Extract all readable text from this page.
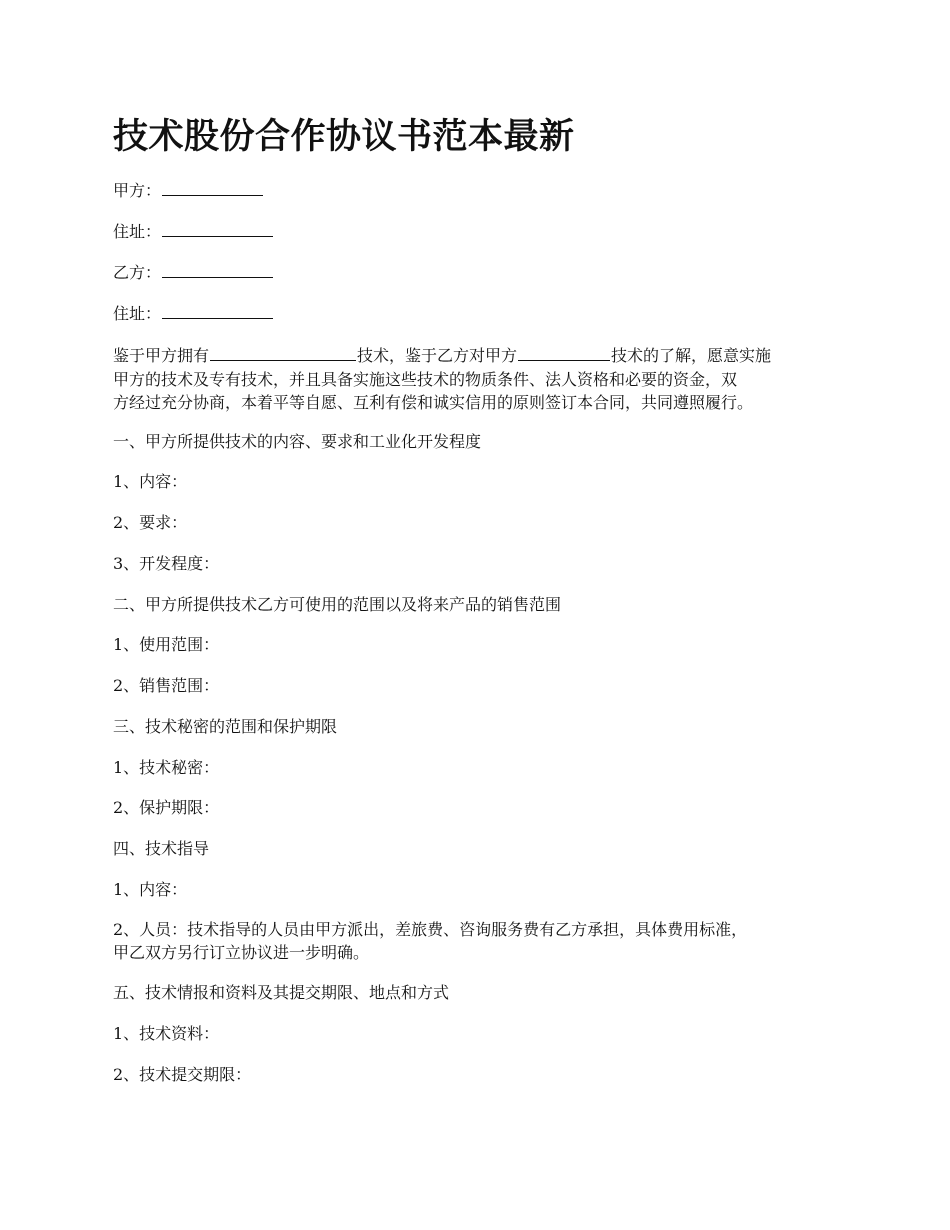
技术股份合作协议书范本最新

甲方：

住址：

乙方：

住址：

鉴于甲方拥有	技术，鉴于乙方对甲方	技术的了解，愿意实施

甲方的技术及专有技术，并且具备实施这些技术的物质条件、法人资格和必要的资金，双

方经过充分协商，本着平等自愿、互利有偿和诚实信用的原则签订本合同，共同遵照履行。

一、甲方所提供技术的内容、要求和工业化开发程度

1、内容：

2、要求：

3、开发程度：

二、甲方所提供技术乙方可使用的范围以及将来产品的销售范围

1、使用范围：

2、销售范围：

三、技术秘密的范围和保护期限

1、技术秘密：

2、保护期限：

四、技术指导

1、内容：

2、人员：技术指导的人员由甲方派出，差旅费、咨询服务费有乙方承担，具体费用标准，

甲乙双方另行订立协议进一步明确。

五、技术情报和资料及其提交期限、地点和方式

1、技术资料：

2、技术提交期限：
